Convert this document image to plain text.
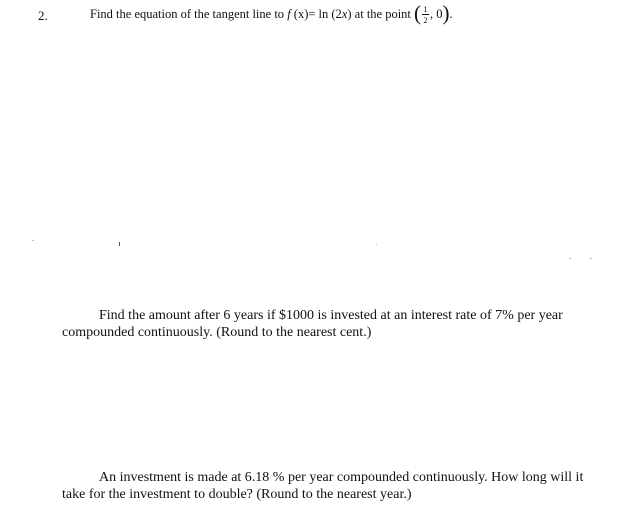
2.	Find the equation of the tangent line to
f
(x) = ln (2 x )
at the point
( $\frac{1}{2}$ , 0 ) .
Find the amount after 6 years if $1000 is invested at an interest rate of 7% per year
compounded continuously. (Round to the nearest cent.)
An investment is made at 6.18 % per year compounded continuously. How long will it
take for the investment to double? (Round to the nearest year.)
